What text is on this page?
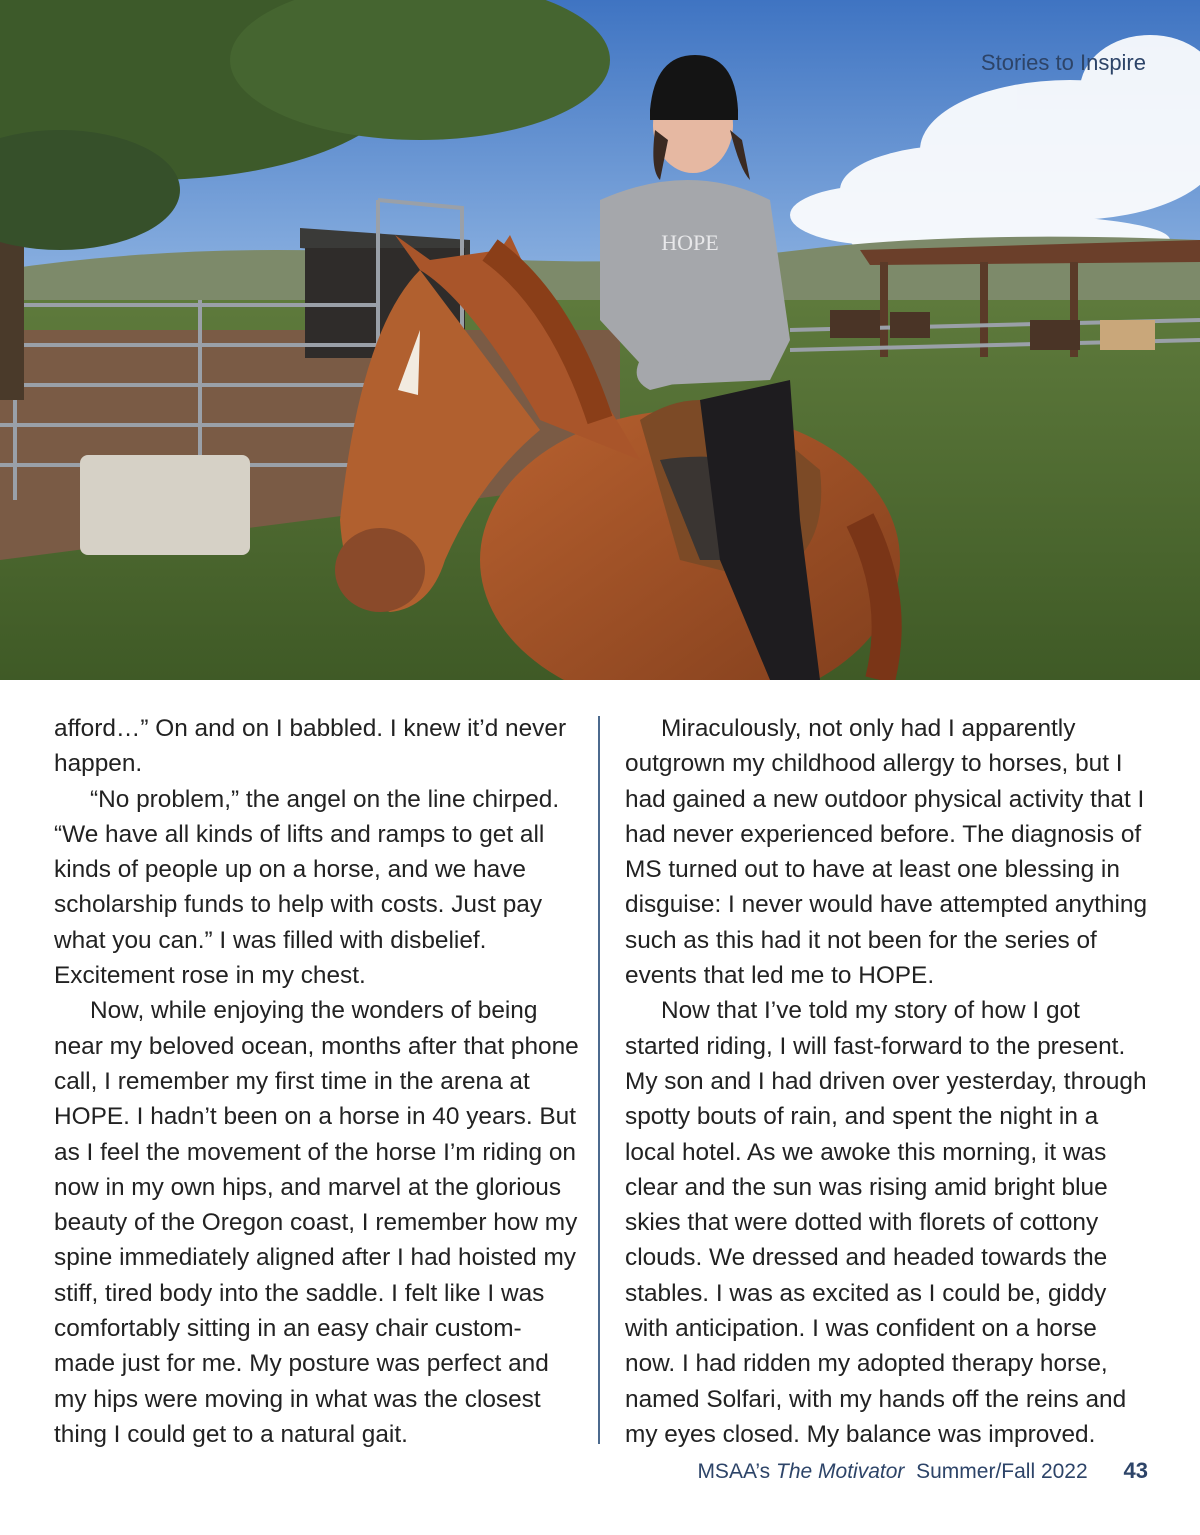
HOPE
Stories to Inspire

afford…” On and on I babbled. I knew it’d never happen.

“No problem,” the angel on the line chirped. “We have all kinds of lifts and ramps to get all kinds of people up on a horse, and we have scholarship funds to help with costs. Just pay what you can.” I was filled with disbelief. Excitement rose in my chest.

Now, while enjoying the wonders of being near my beloved ocean, months after that phone call, I remember my first time in the arena at HOPE. I hadn’t been on a horse in 40 years. But as I feel the movement of the horse I’m riding on now in my own hips, and marvel at the glorious beauty of the Oregon coast, I remember how my spine immediately aligned after I had hoisted my stiff, tired body into the saddle. I felt like I was comfortably sitting in an easy chair custom-made just for me. My posture was perfect and my hips were moving in what was the closest thing I could get to a natural gait.

Miraculously, not only had I apparently outgrown my childhood allergy to horses, but I had gained a new outdoor physical activity that I had never experienced before. The diagnosis of MS turned out to have at least one blessing in disguise: I never would have attempted anything such as this had it not been for the series of events that led me to HOPE.

Now that I’ve told my story of how I got started riding, I will fast-forward to the present. My son and I had driven over yesterday, through spotty bouts of rain, and spent the night in a local hotel. As we awoke this morning, it was clear and the sun was rising amid bright blue skies that were dotted with florets of cottony clouds. We dressed and headed towards the stables. I was as excited as I could be, giddy with anticipation. I was confident on a horse now. I had ridden my adopted therapy horse, named Solfari, with my hands off the reins and my eyes closed. My balance was improved.

MSAA’s The Motivator Summer/Fall 2022 43
